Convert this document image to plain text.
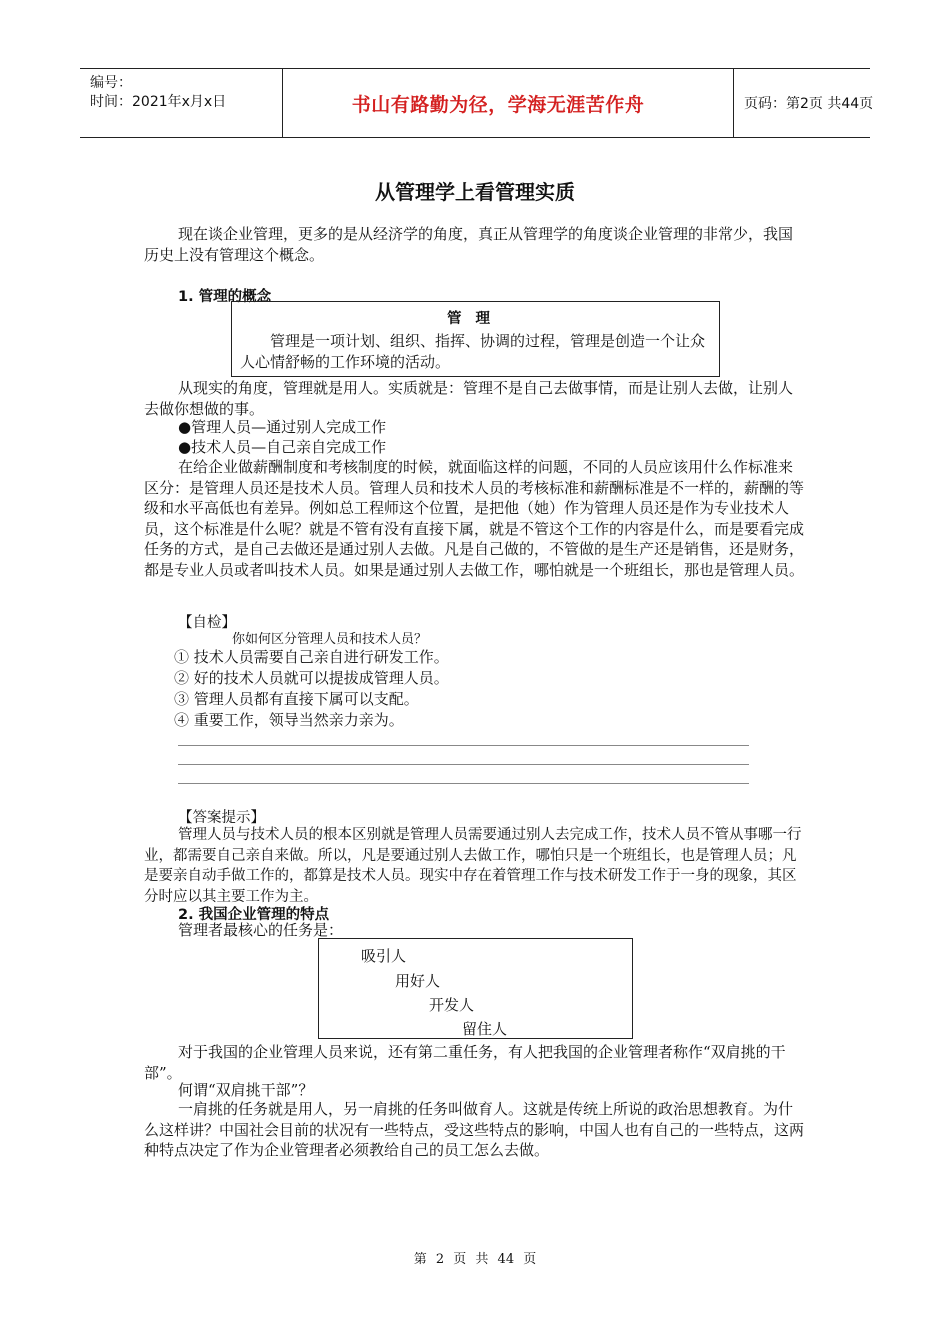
编号：
时间：2021年x月x日	书山有路勤为径，学海无涯苦作舟	页码：第2页 共44页
从管理学上看管理实质

现在谈企业管理，更多的是从经济学的角度，真正从管理学的角度谈企业管理的非常少，我国历史上没有管理这个概念。

1. 管理的概念
管理

管理是一项计划、组织、指挥、协调的过程，管理是创造一个让众人心情舒畅的工作环境的活动。

从现实的角度，管理就是用人。实质就是：管理不是自己去做事情，而是让别人去做，让别人去做你想做的事。

●管理人员—通过别人完成工作
●技术人员—自己亲自完成工作

在给企业做薪酬制度和考核制度的时候，就面临这样的问题，不同的人员应该用什么作标准来区分：是管理人员还是技术人员。管理人员和技术人员的考核标准和薪酬标准是不一样的，薪酬的等级和水平高低也有差异。例如总工程师这个位置，是把他（她）作为管理人员还是作为专业技术人员，这个标准是什么呢？就是不管有没有直接下属，就是不管这个工作的内容是什么，而是要看完成任务的方式，是自己去做还是通过别人去做。凡是自己做的，不管做的是生产还是销售，还是财务，都是专业人员或者叫技术人员。如果是通过别人去做工作，哪怕就是一个班组长，那也是管理人员。

【自检】
你如何区分管理人员和技术人员？
① 技术人员需要自己亲自进行研发工作。
② 好的技术人员就可以提拔成管理人员。
③ 管理人员都有直接下属可以支配。
④ 重要工作，领导当然亲力亲为。
【答案提示】

管理人员与技术人员的根本区别就是管理人员需要通过别人去完成工作，技术人员不管从事哪一行业，都需要自己亲自来做。所以，凡是要通过别人去做工作，哪怕只是一个班组长，也是管理人员；凡是要亲自动手做工作的，都算是技术人员。现实中存在着管理工作与技术研发工作于一身的现象，其区分时应以其主要工作为主。

2. 我国企业管理的特点
管理者最核心的任务是：
吸引人
用好人
开发人
留住人

对于我国的企业管理人员来说，还有第二重任务，有人把我国的企业管理者称作“双肩挑的干部”。

何谓“双肩挑干部”？

一肩挑的任务就是用人，另一肩挑的任务叫做育人。这就是传统上所说的政治思想教育。为什么这样讲？中国社会目前的状况有一些特点，受这些特点的影响，中国人也有自己的一些特点，这两种特点决定了作为企业管理者必须教给自己的员工怎么去做。

第 2 页 共 44 页
